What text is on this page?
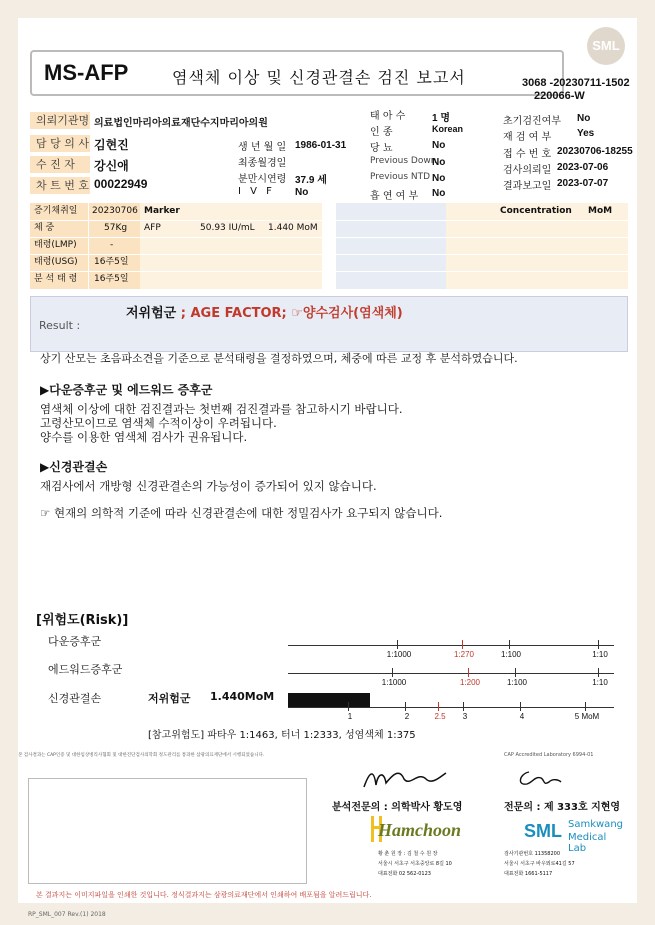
SML
MS-AFP	염색체 이상 및 신경관결손 검진 보고서	3068 -20230711-1502
220066-W
의뢰기관명 의료법인마리아의료재단수지마리아의원
담 당 의 사 김현진
수 진 자	강신애
차 트 번 호 00022949
생 년 월 일 1986-01-31
최종월경일
분만시연령 37.9 세
I V F No
태 아 수	1 명
인 종	Korean
당 뇨	No
Previous Down
No
Previous NTD No
흡 연 여 부 No
초기검진여부 No
재 검 여 부	Yes
접 수 번 호 20230706-18255
검사의뢰일 2023-07-06
결과보고일 2023-07-07
증기채취일	20230706
체 중	57Kg
태령(LMP)	-
태령(USG)	16주5일
분 석 태 령	16주5일
Marker
AFP	50.93 IU/mL	1.440 MoM
Concentration	MoM
Result :
저위험군 ; AGE FACTOR; ☞양수검사(염색체)
상기 산모는 초음파소견을 기준으로 분석태령을 결정하였으며, 체중에 따른 교정 후 분석하였습니다.
▶다운증후군 및 에드워드 증후군
염색체 이상에 대한 검진결과는 첫번째 검진결과를 참고하시기 바랍니다.
고령산모이므로 염색체 수적이상이 우려됩니다.
양수를 이용한 염색체 검사가 권유됩니다.
▶신경관결손
재검사에서 개방형 신경관결손의 가능성이 증가되어 있지 않습니다.
☞ 현재의 의학적 기준에 따라 신경관결손에 대한 정밀검사가 요구되지 않습니다.
[위험도(Risk)]
다운증후군
에드워드증후군
신경관결손	저위험군 1.440MoM
1:1000	1:270	1:100	1:10
1:1000	1:200	1:100	1:10
1	2	2.5	3	4	5 MoM
[참고위험도] 파타우 1:1463, 터너 1:2333, 성염색체 1:375
본 검사결과는 CAP인증 및 대한임상병리사협회 및 대한진단검사의학회 정도관리를 통과한 삼광의료재단에서 시행되었습니다.	CAP Accredited Laboratory 6994-01
분석전문의 : 의학박사 황도영	전문의 : 제 333호 지현영
Hamchoon
황 춘 원 장 : 김 철 수 원 장
서울시 서초구 서초중앙로 8길 10
대표전화 02 562-0123
SML Samkwang
Medical Lab
검사기관번호 11358200
서울시 서초구 바우뫼로41길 57
대표전화 1661-5117
본 결과지는 이미지파일을 인쇄한 것입니다. 정식결과지는 삼광의료재단에서 인쇄하여 배포됨을 알려드립니다.
RP_SML_007 Rev.(1) 2018
